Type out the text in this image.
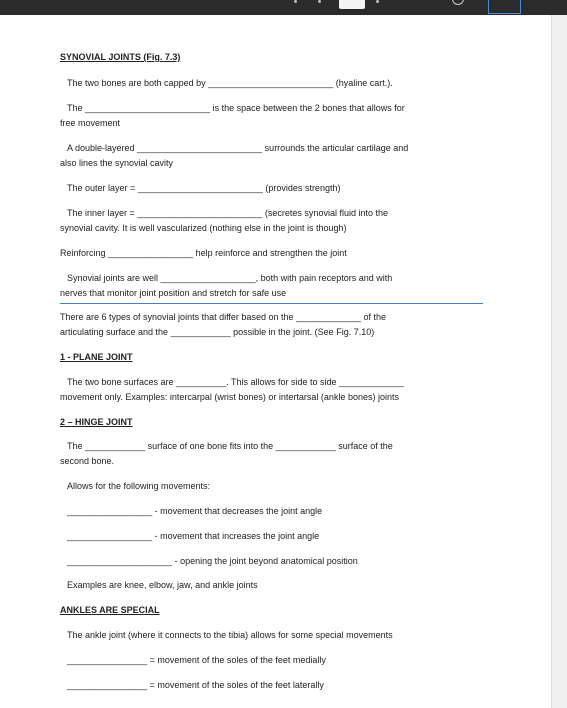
SYNOVIAL JOINTS (Fig. 7.3)
The two bones are both capped by _________________________ (hyaline cart.).
The _________________________ is the space between the 2 bones that allows for
free movement
A double-layered _________________________ surrounds the articular cartilage and
also lines the synovial cavity
The outer layer = _________________________ (provides strength)
The inner layer = _________________________ (secretes synovial fluid into the
synovial cavity. It is well vascularized (nothing else in the joint is though)
Reinforcing _________________ help reinforce and strengthen the joint
Synovial joints are well ___________________, both with pain receptors and with
nerves that monitor joint position and stretch for safe use
There are 6 types of synovial joints that differ based on the _____________ of the
articulating surface and the ____________ possible in the joint. (See Fig. 7.10)
1 - PLANE JOINT
The two bone surfaces are __________. This allows for side to side _____________
movement only. Examples: intercarpal (wrist bones) or intertarsal (ankle bones) joints
2 – HINGE JOINT
The ____________ surface of one bone fits into the ____________ surface of the
second bone.
Allows for the following movements:
_________________ - movement that decreases the joint angle
_________________ - movement that increases the joint angle
_____________________ - opening the joint beyond anatomical position
Examples are knee, elbow, jaw, and ankle joints
ANKLES ARE SPECIAL
The ankle joint (where it connects to the tibia) allows for some special movements
________________ = movement of the soles of the feet medially
________________ = movement of the soles of the feet laterally
